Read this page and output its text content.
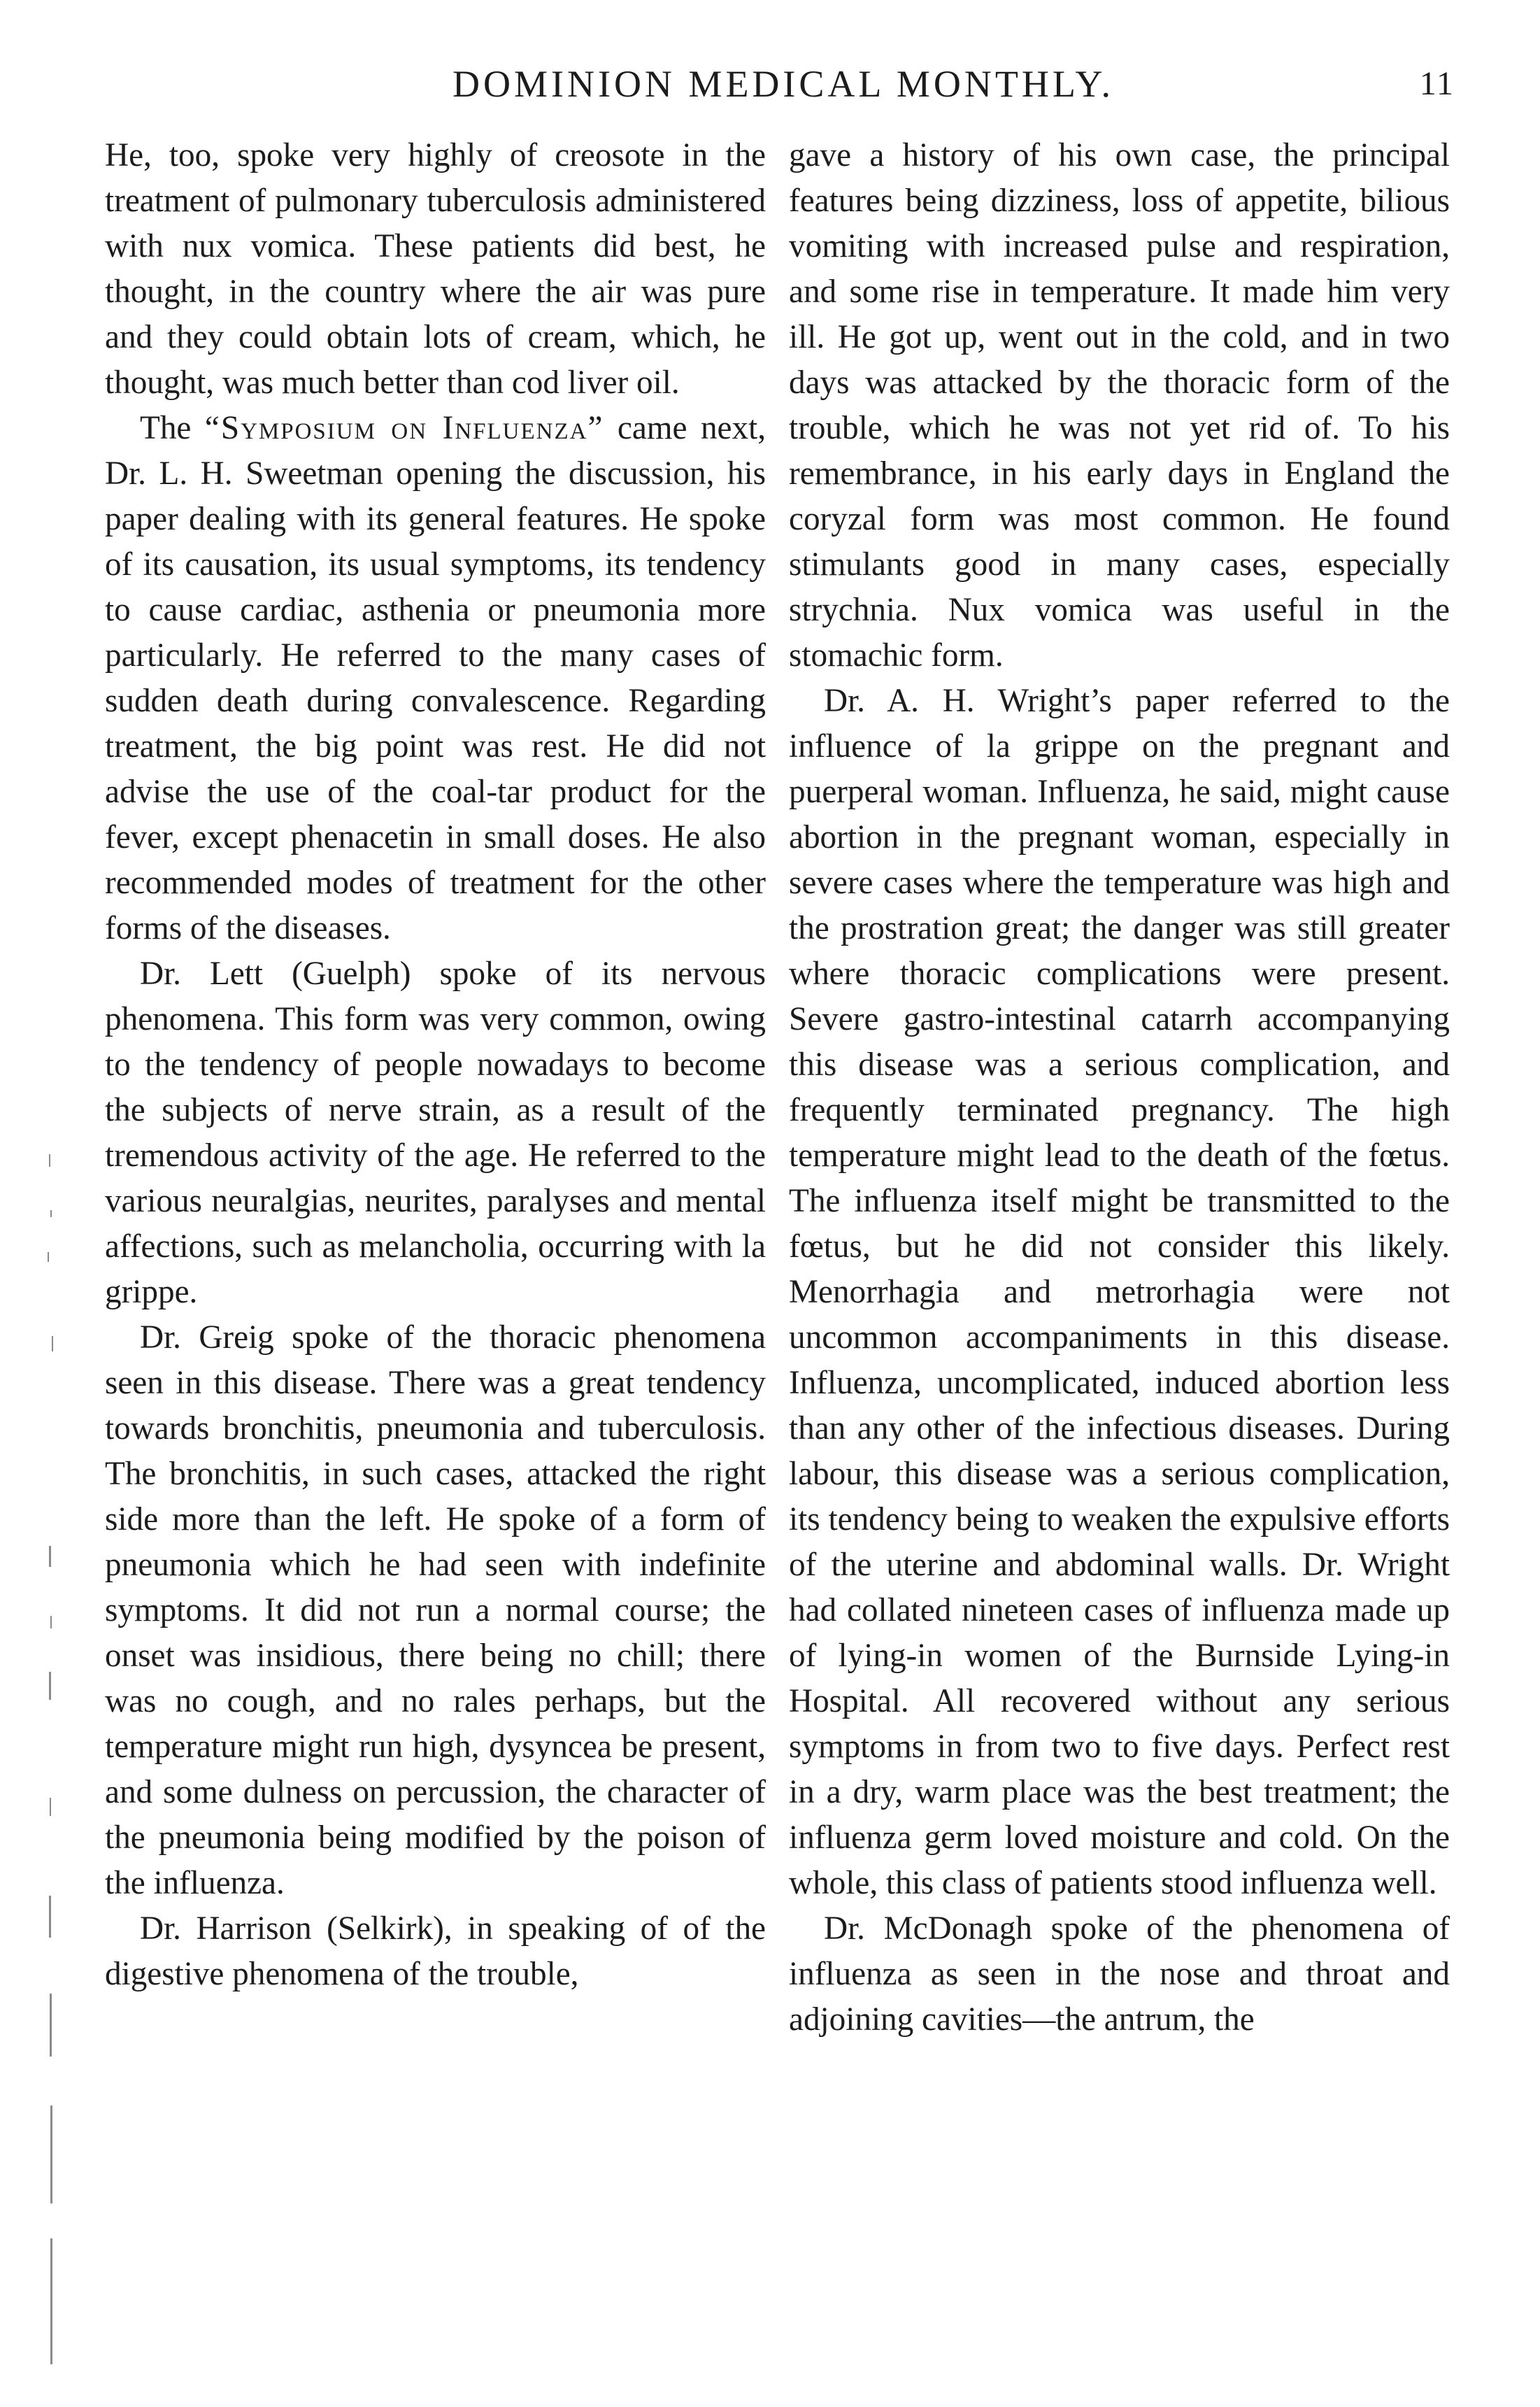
DOMINION MEDICAL MONTHLY.	11

He, too, spoke very highly of creosote in the treatment of pulmonary tuberculosis administered with nux vomica. These patients did best, he thought, in the country where the air was pure and they could obtain lots of cream, which, he thought, was much better than cod liver oil.

The “Symposium on Influenza” came next, Dr. L. H. Sweetman opening the discussion, his paper dealing with its general features. He spoke of its causation, its usual symptoms, its tendency to cause cardiac, asthenia or pneumonia more particularly. He referred to the many cases of sudden death during convalescence. Regarding treatment, the big point was rest. He did not advise the use of the coal-tar product for the fever, except phenacetin in small doses. He also recommended modes of treatment for the other forms of the diseases.

Dr. Lett (Guelph) spoke of its nervous phenomena. This form was very common, owing to the tendency of people nowadays to become the subjects of nerve strain, as a result of the tremendous activity of the age. He referred to the various neuralgias, neurites, paralyses and mental affections, such as melancholia, occurring with la grippe.

Dr. Greig spoke of the thoracic phenomena seen in this disease. There was a great tendency towards bronchitis, pneumonia and tuberculosis. The bronchitis, in such cases, attacked the right side more than the left. He spoke of a form of pneumonia which he had seen with indefinite symptoms. It did not run a normal course; the onset was insidious, there being no chill; there was no cough, and no rales perhaps, but the temperature might run high, dysyncea be present, and some dulness on percussion, the character of the pneumonia being modified by the poison of the influenza.

Dr. Harrison (Selkirk), in speaking of of the digestive phenomena of the trouble,

gave a history of his own case, the principal features being dizziness, loss of appetite, bilious vomiting with increased pulse and respiration, and some rise in temperature. It made him very ill. He got up, went out in the cold, and in two days was attacked by the thoracic form of the trouble, which he was not yet rid of. To his remembrance, in his early days in England the coryzal form was most common. He found stimulants good in many cases, especially strychnia. Nux vomica was useful in the stomachic form.

Dr. A. H. Wright’s paper referred to the influence of la grippe on the pregnant and puerperal woman. Influenza, he said, might cause abortion in the pregnant woman, especially in severe cases where the temperature was high and the prostration great; the danger was still greater where thoracic complications were present. Severe gastro-intestinal catarrh accompanying this disease was a serious complication, and frequently terminated pregnancy. The high temperature might lead to the death of the fœtus. The influenza itself might be transmitted to the fœtus, but he did not consider this likely. Menorrhagia and metrorhagia were not uncommon accompaniments in this disease. Influenza, uncomplicated, induced abortion less than any other of the infectious diseases. During labour, this disease was a serious complication, its tendency being to weaken the expulsive efforts of the uterine and abdominal walls. Dr. Wright had collated nineteen cases of influenza made up of lying-in women of the Burnside Lying-in Hospital. All recovered without any serious symptoms in from two to five days. Perfect rest in a dry, warm place was the best treatment; the influenza germ loved moisture and cold. On the whole, this class of patients stood influenza well.

Dr. McDonagh spoke of the phenomena of influenza as seen in the nose and throat and adjoining cavities—the antrum, the
